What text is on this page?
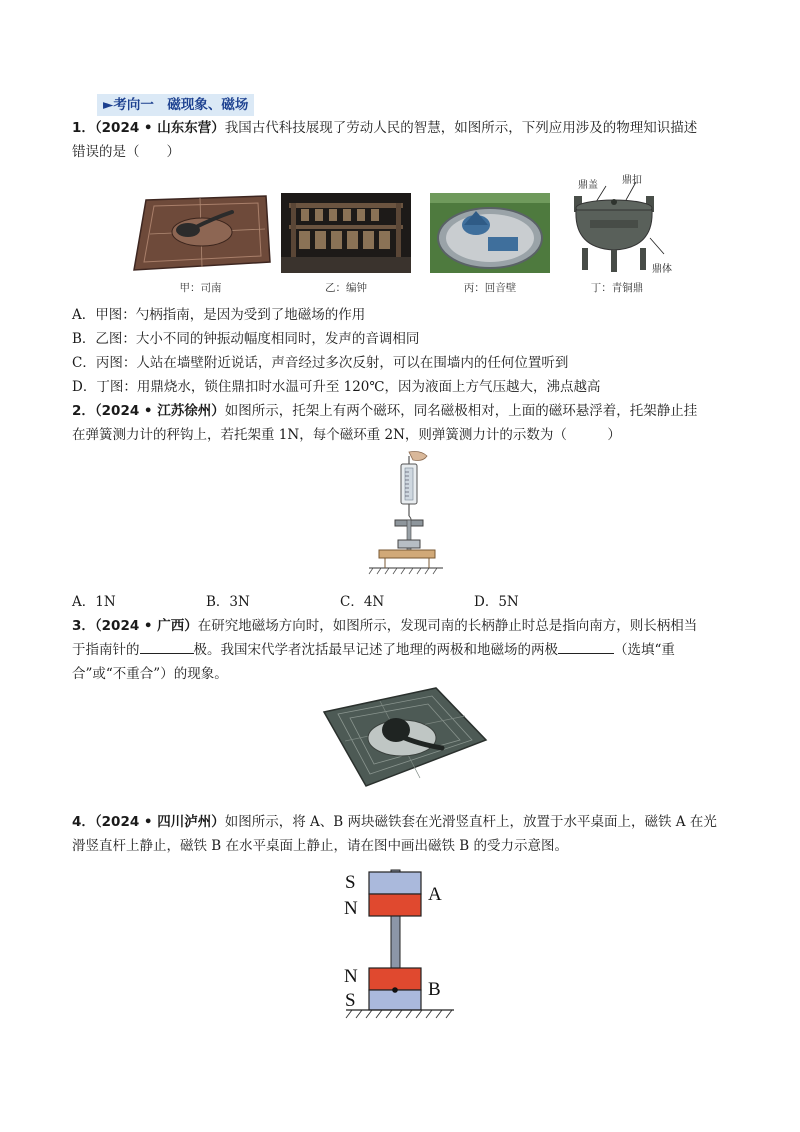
►考向一　磁现象、磁场
1．（2024 • 山东东营）我国古代科技展现了劳动人民的智慧，如图所示，下列应用涉及的物理知识描述
错误的是（　　）
甲：司南	乙：编钟	丙：回音壁
鼎盖 鼎扣
鼎体
丁：青铜鼎
A．甲图：勺柄指南，是因为受到了地磁场的作用
B．乙图：大小不同的钟振动幅度相同时，发声的音调相同
C．丙图：人站在墙壁附近说话，声音经过多次反射，可以在围墙内的任何位置听到
D．丁图：用鼎烧水，锁住鼎扣时水温可升至 120℃，因为液面上方气压越大，沸点越高
2．（2024 • 江苏徐州）如图所示，托架上有两个磁环，同名磁极相对，上面的磁环悬浮着，托架静止挂
在弹簧测力计的秤钩上，若托架重 1N，每个磁环重 2N，则弹簧测力计的示数为（　　　）
A．1N	B．3N	C．4N	D．5N
3．（2024 • 广西）在研究地磁场方向时，如图所示，发现司南的长柄静止时总是指向南方，则长柄相当
于指南针的	极。我国宋代学者沈括最早记述了地理的两极和地磁场的两极	（选填“重
合”或“不重合”）的现象。
4．（2024 • 四川泸州）如图所示，将 A、B 两块磁铁套在光滑竖直杆上，放置于水平桌面上，磁铁 A 在光
滑竖直杆上静止，磁铁 B 在水平桌面上静止，请在图中画出磁铁 B 的受力示意图。
S
N
A
N
S
B
